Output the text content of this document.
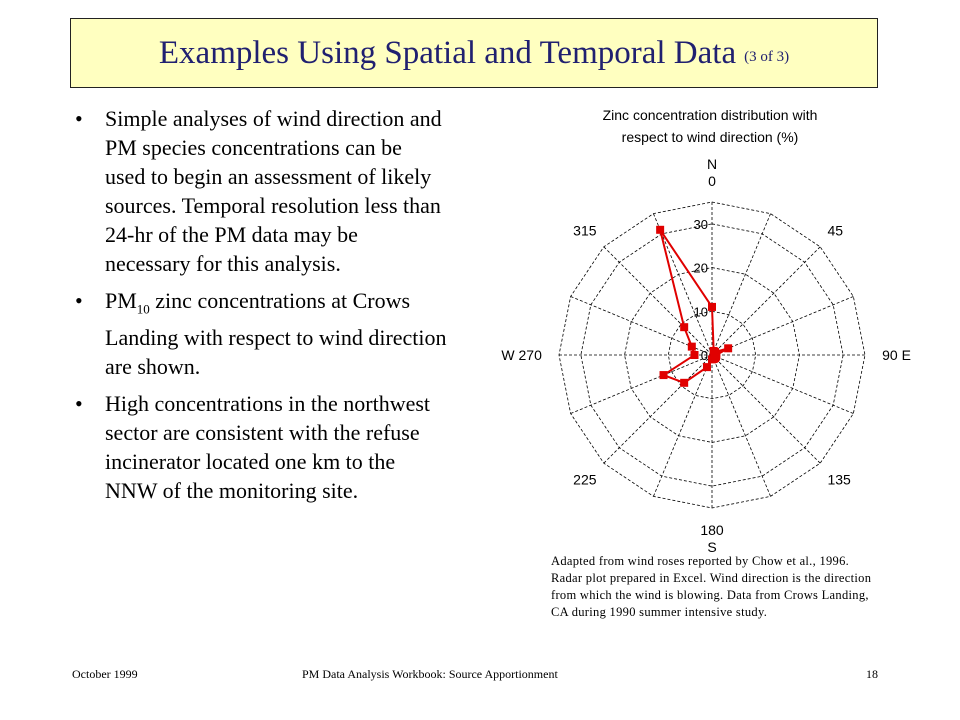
Examples Using Spatial and Temporal Data (3 of 3)
• Simple analyses of wind direction and PM species concentrations can be used to begin an assessment of likely sources. Temporal resolution less than 24-hr of the PM data may be necessary for this analysis.
• $PM_{10}$ zinc concentrations at Crows Landing with respect to wind direction are shown.
• High concentrations in the northwest sector are consistent with the refuse incinerator located one km to the NNW of the monitoring site.
Zinc concentration distribution with
respect to wind direction (%)
0
10
20
30
N
0
45
90 E
135
180
S
225
W 270
315
Adapted from wind roses reported by Chow et al., 1996. Radar plot prepared in Excel. Wind direction is the direction from which the wind is blowing. Data from Crows Landing, CA during 1990 summer intensive study.
October 1999	PM Data Analysis Workbook: Source Apportionment	18
